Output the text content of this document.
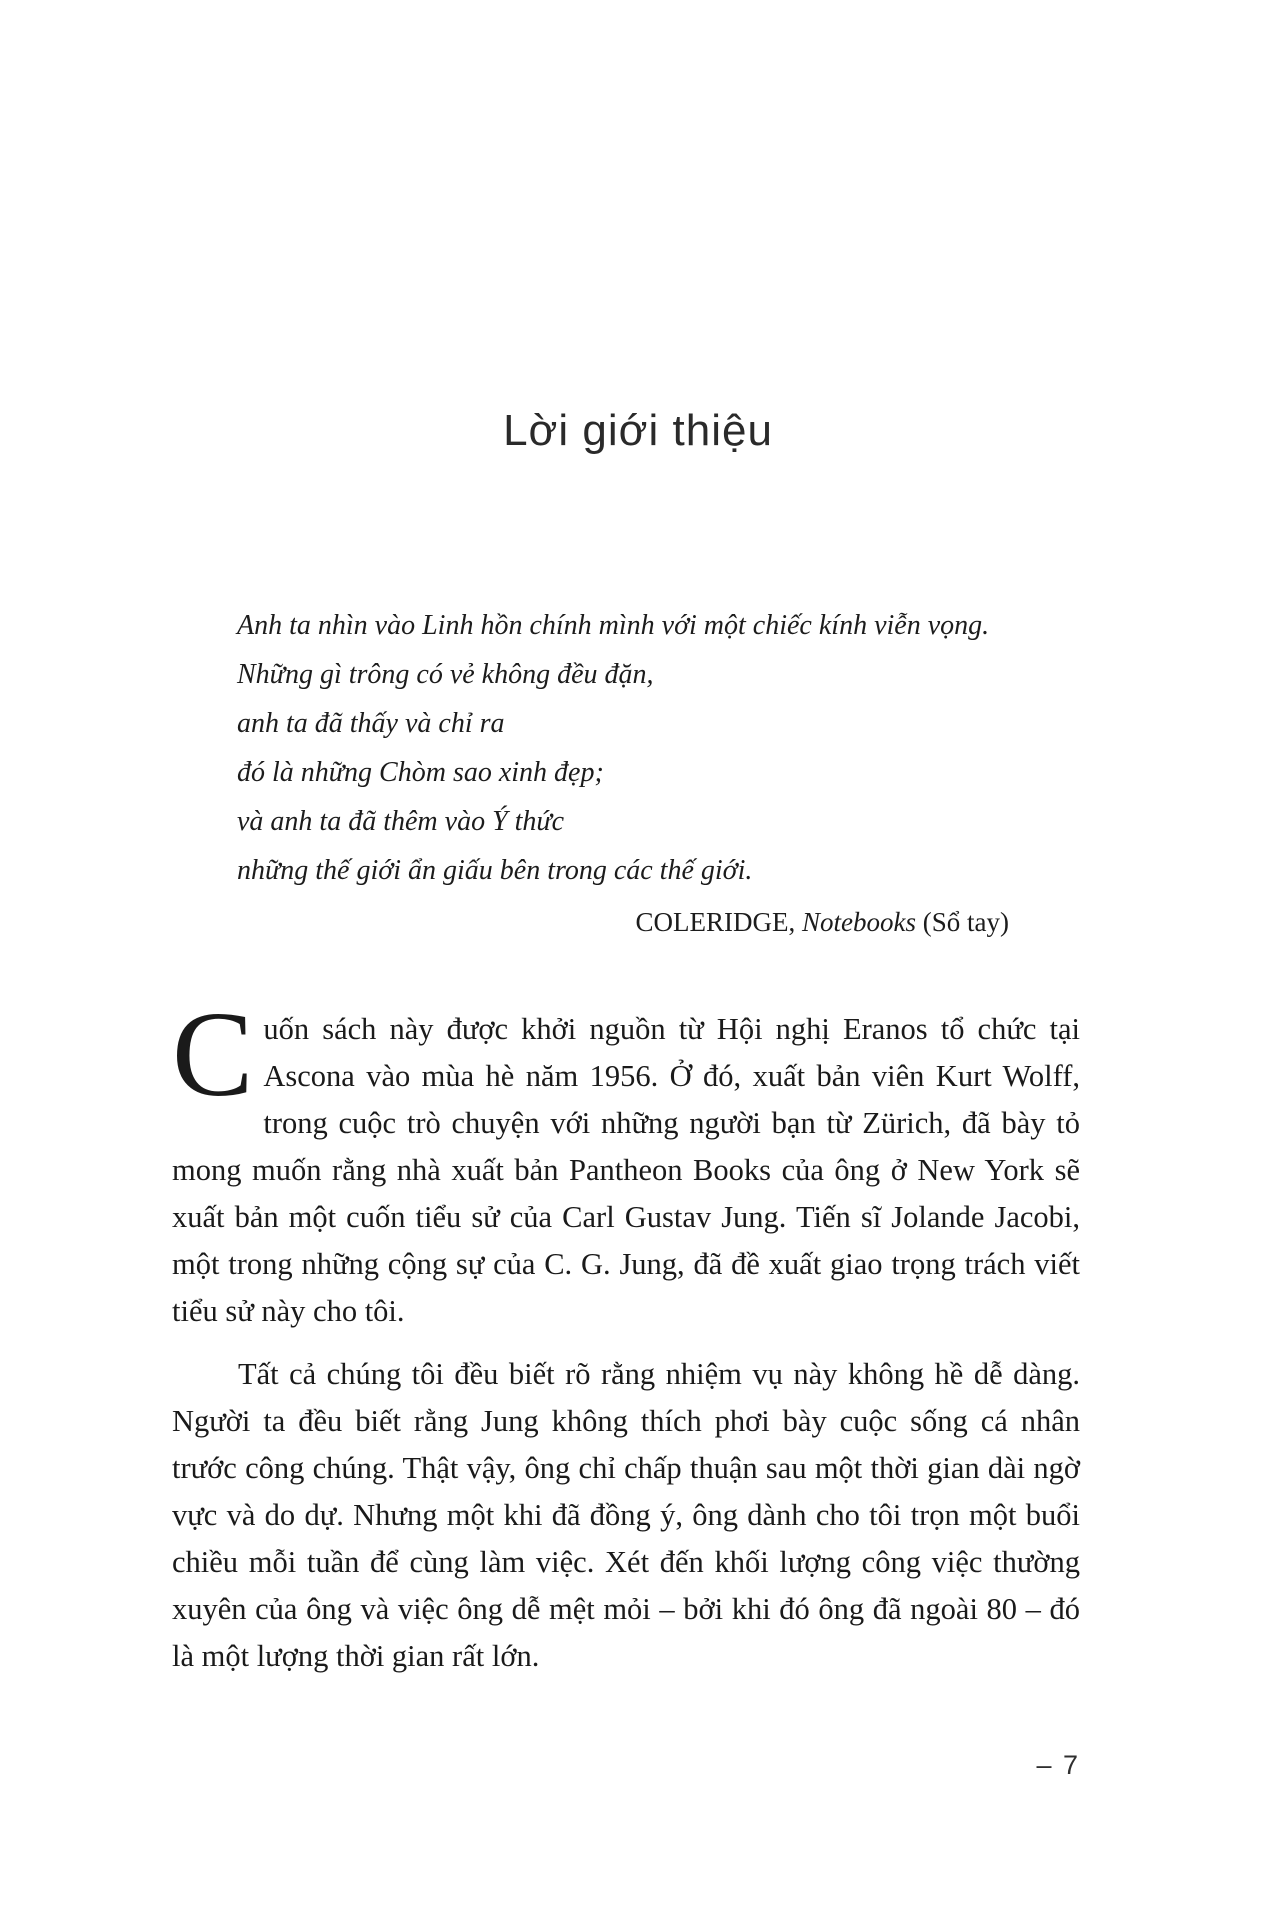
Lời giới thiệu
Anh ta nhìn vào Linh hồn chính mình với một chiếc kính viễn vọng.
Những gì trông có vẻ không đều đặn,
anh ta đã thấy và chỉ ra
đó là những Chòm sao xinh đẹp;
và anh ta đã thêm vào Ý thức
những thế giới ẩn giấu bên trong các thế giới.
COLERIDGE, Notebooks (Sổ tay)

Cuốn sách này được khởi nguồn từ Hội nghị Eranos tổ chức tại Ascona vào mùa hè năm 1956. Ở đó, xuất bản viên Kurt Wolff, trong cuộc trò chuyện với những người bạn từ Zürich, đã bày tỏ mong muốn rằng nhà xuất bản Pantheon Books của ông ở New York sẽ xuất bản một cuốn tiểu sử của Carl Gustav Jung. Tiến sĩ Jolande Jacobi, một trong những cộng sự của C. G. Jung, đã đề xuất giao trọng trách viết tiểu sử này cho tôi.

Tất cả chúng tôi đều biết rõ rằng nhiệm vụ này không hề dễ dàng. Người ta đều biết rằng Jung không thích phơi bày cuộc sống cá nhân trước công chúng. Thật vậy, ông chỉ chấp thuận sau một thời gian dài ngờ vực và do dự. Nhưng một khi đã đồng ý, ông dành cho tôi trọn một buổi chiều mỗi tuần để cùng làm việc. Xét đến khối lượng công việc thường xuyên của ông và việc ông dễ mệt mỏi – bởi khi đó ông đã ngoài 80 – đó là một lượng thời gian rất lớn.

– 7
